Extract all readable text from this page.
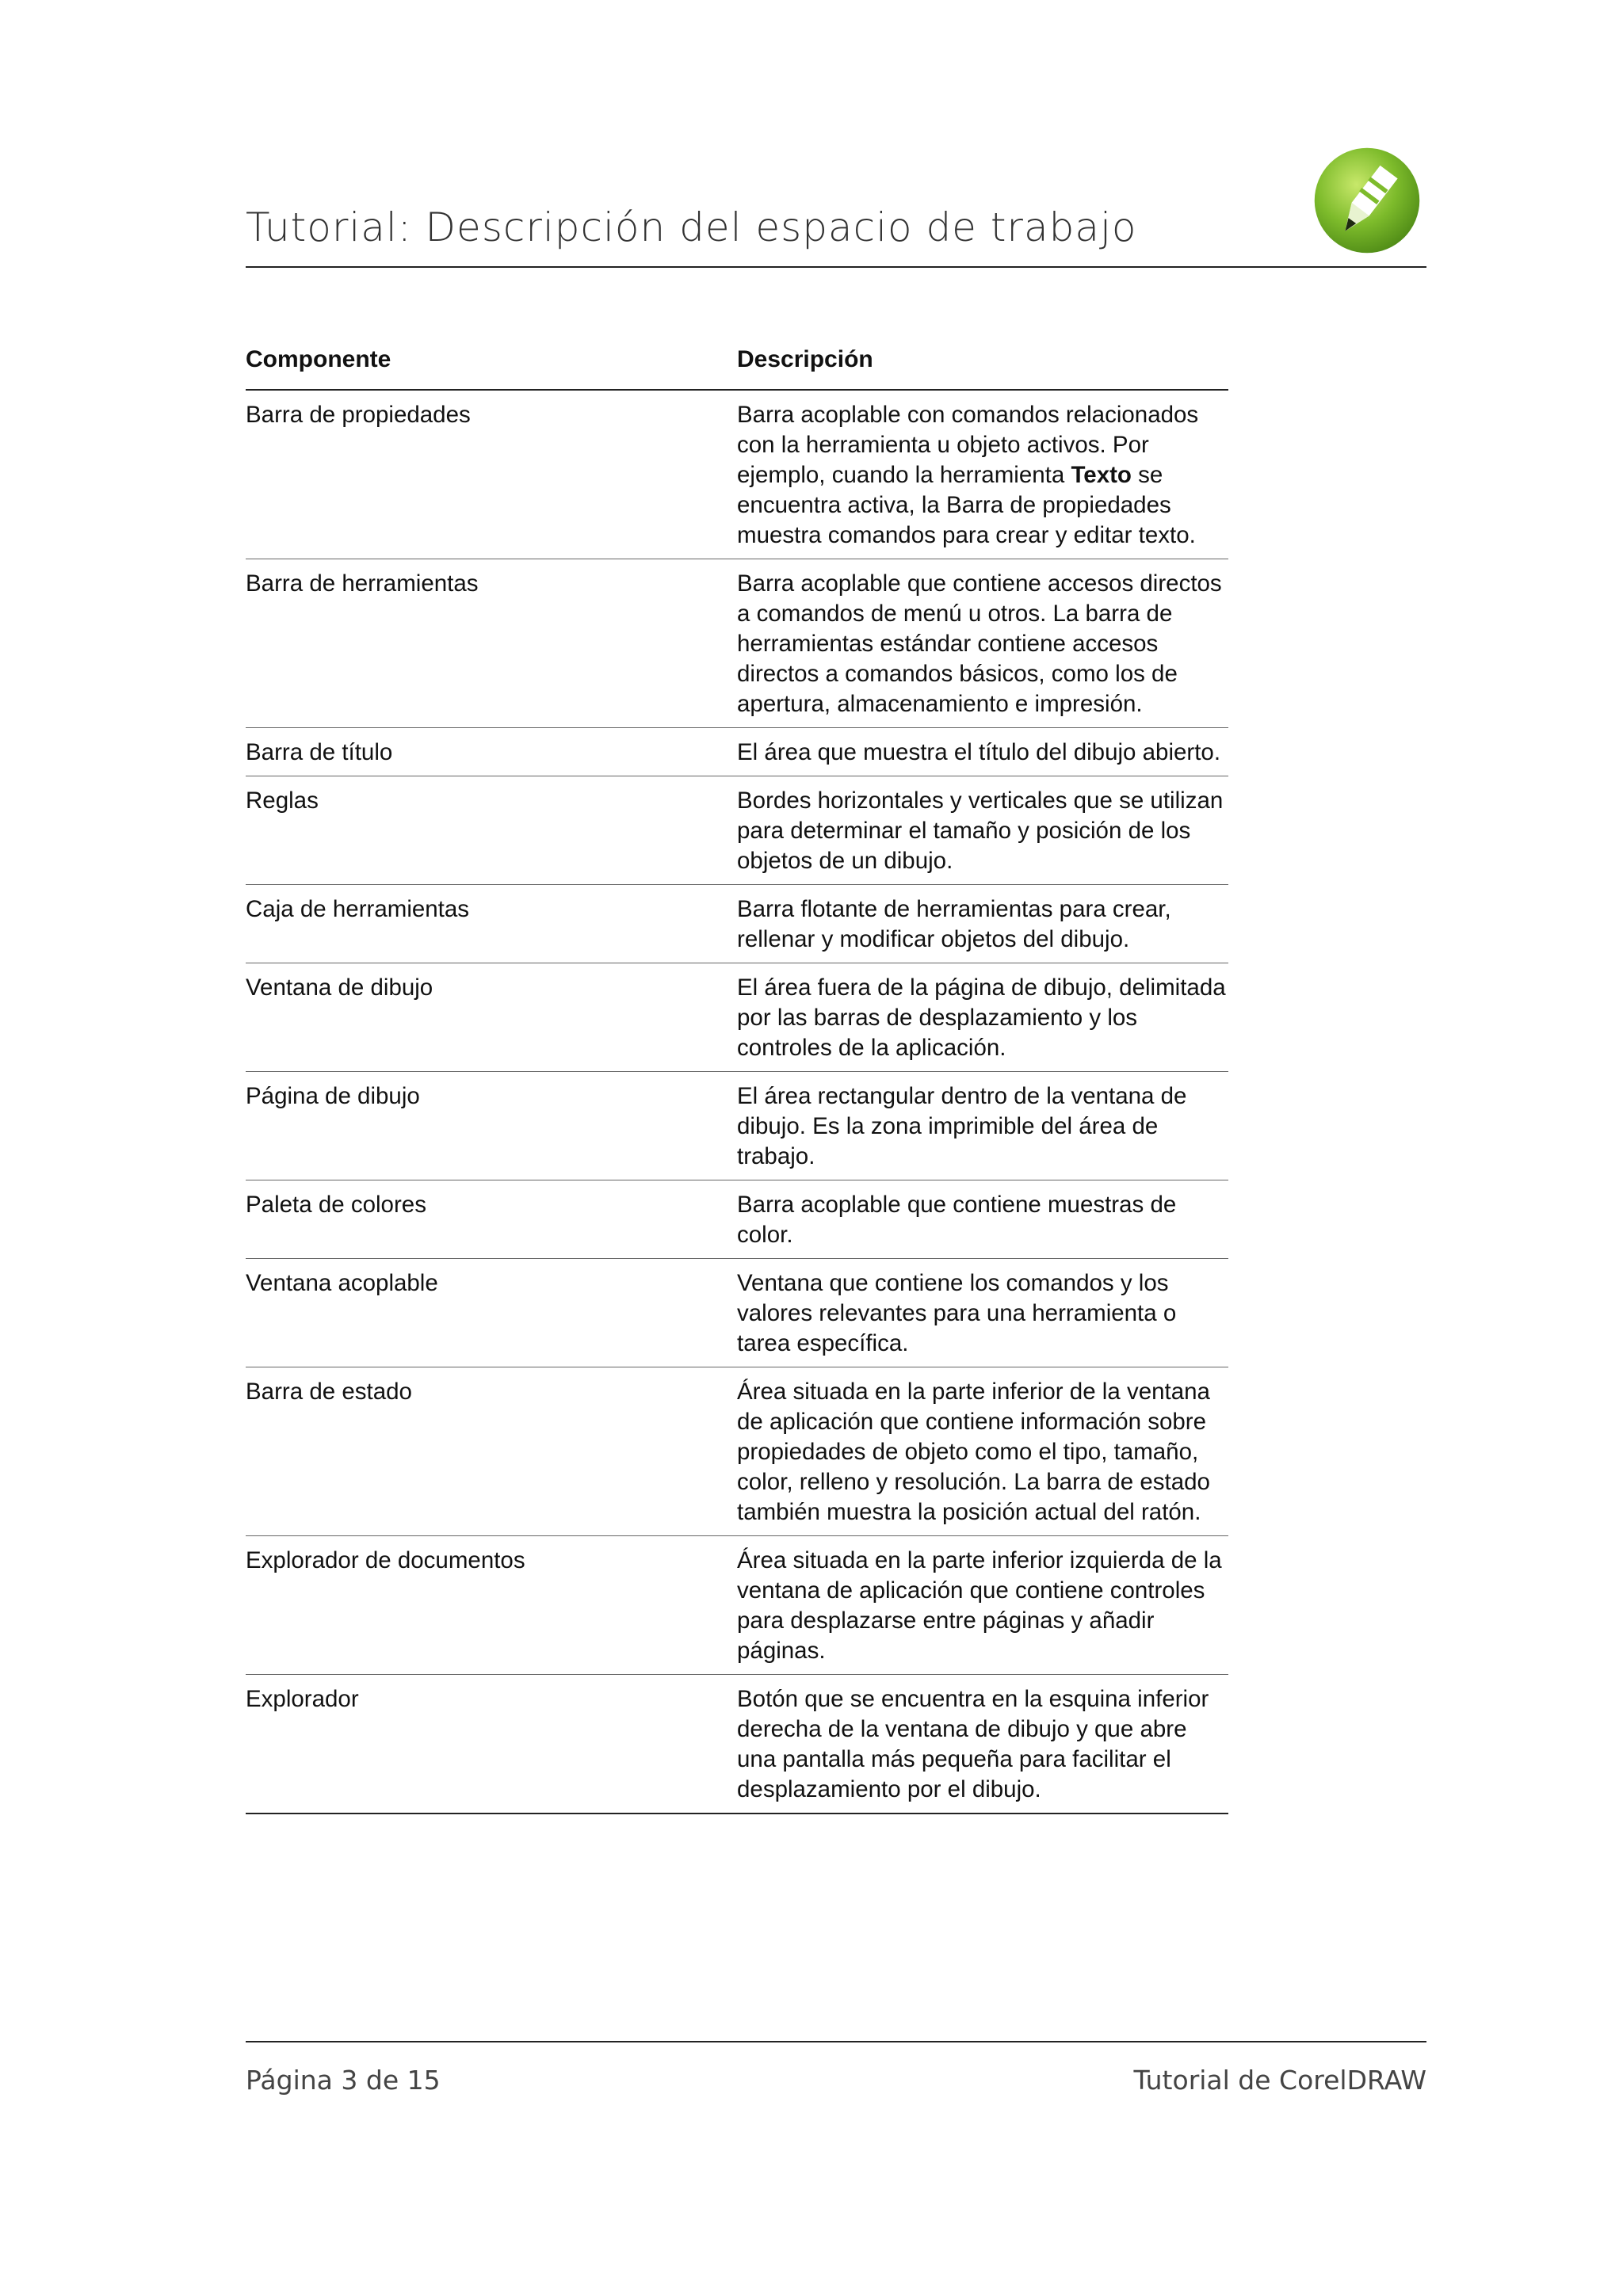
Tutorial: Descripción del espacio de trabajo
Componente	Descripción
Barra de propiedades	Barra acoplable con comandos relacionados con la herramienta u objeto activos. Por ejemplo, cuando la herramienta Texto se encuentra activa, la Barra de propiedades muestra comandos para crear y editar texto.
Barra de herramientas	Barra acoplable que contiene accesos directos a comandos de menú u otros. La barra de herramientas estándar contiene accesos directos a comandos básicos, como los de apertura, almacenamiento e impresión.
Barra de título	El área que muestra el título del dibujo abierto.
Reglas	Bordes horizontales y verticales que se utilizan para determinar el tamaño y posición de los objetos de un dibujo.
Caja de herramientas	Barra flotante de herramientas para crear, rellenar y modificar objetos del dibujo.
Ventana de dibujo	El área fuera de la página de dibujo, delimitada por las barras de desplazamiento y los controles de la aplicación.
Página de dibujo	El área rectangular dentro de la ventana de dibujo. Es la zona imprimible del área de trabajo.
Paleta de colores	Barra acoplable que contiene muestras de color.
Ventana acoplable	Ventana que contiene los comandos y los valores relevantes para una herramienta o tarea específica.
Barra de estado	Área situada en la parte inferior de la ventana de aplicación que contiene información sobre propiedades de objeto como el tipo, tamaño, color, relleno y resolución. La barra de estado también muestra la posición actual del ratón.
Explorador de documentos	Área situada en la parte inferior izquierda de la ventana de aplicación que contiene controles para desplazarse entre páginas y añadir páginas.
Explorador	Botón que se encuentra en la esquina inferior derecha de la ventana de dibujo y que abre una pantalla más pequeña para facilitar el desplazamiento por el dibujo.
Página 3 de 15	Tutorial de CorelDRAW
